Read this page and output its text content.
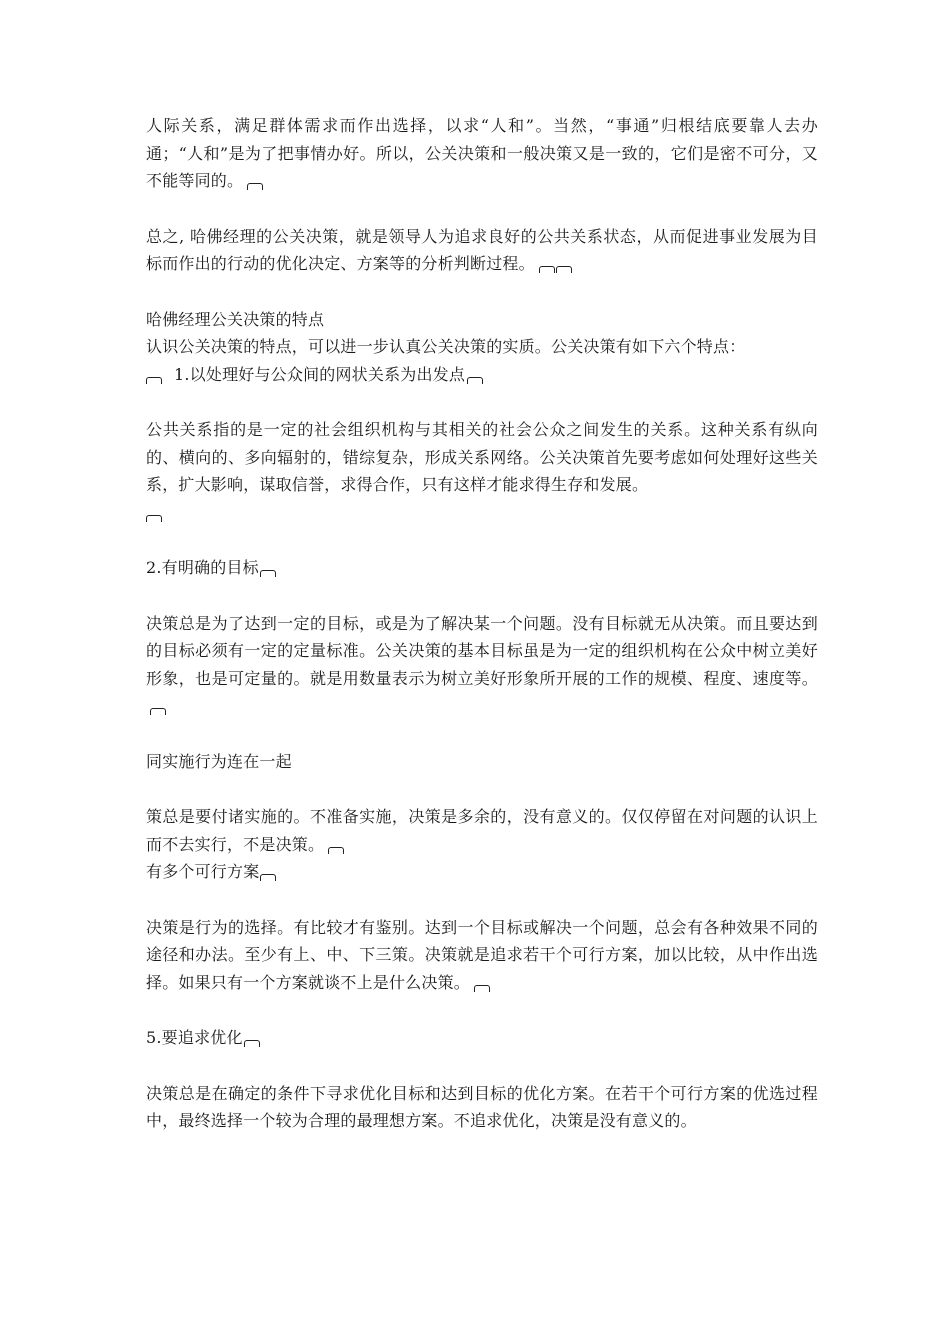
人际关系，满足群体需求而作出选择，以求“人和”。当然，“事通”归根结底要靠人去办通；“人和”是为了把事情办好。所以，公关决策和一般决策又是一致的，它们是密不可分，又不能等同的。

总之, 哈佛经理的公关决策，就是领导人为追求良好的公共关系状态，从而促进事业发展为目标而作出的行动的优化决定、方案等的分析判断过程。

哈佛经理公关决策的特点

认识公关决策的特点，可以进一步认真公关决策的实质。公关决策有如下六个特点：

1.以处理好与公众间的网状关系为出发点

公共关系指的是一定的社会组织机构与其相关的社会公众之间发生的关系。这种关系有纵向的、横向的、多向辐射的，错综复杂，形成关系网络。公关决策首先要考虑如何处理好这些关系，扩大影响，谋取信誉，求得合作，只有这样才能求得生存和发展。

2.有明确的目标

决策总是为了达到一定的目标，或是为了解决某一个问题。没有目标就无从决策。而且要达到的目标必须有一定的定量标准。公关决策的基本目标虽是为一定的组织机构在公众中树立美好形象，也是可定量的。就是用数量表示为树立美好形象所开展的工作的规模、程度、速度等。

同实施行为连在一起

策总是要付诸实施的。不准备实施，决策是多余的，没有意义的。仅仅停留在对问题的认识上而不去实行，不是决策。

有多个可行方案

决策是行为的选择。有比较才有鉴别。达到一个目标或解决一个问题，总会有各种效果不同的途径和办法。至少有上、中、下三策。决策就是追求若干个可行方案，加以比较，从中作出选择。如果只有一个方案就谈不上是什么决策。

5.要追求优化

决策总是在确定的条件下寻求优化目标和达到目标的优化方案。在若干个可行方案的优选过程中，最终选择一个较为合理的最理想方案。不追求优化，决策是没有意义的。
